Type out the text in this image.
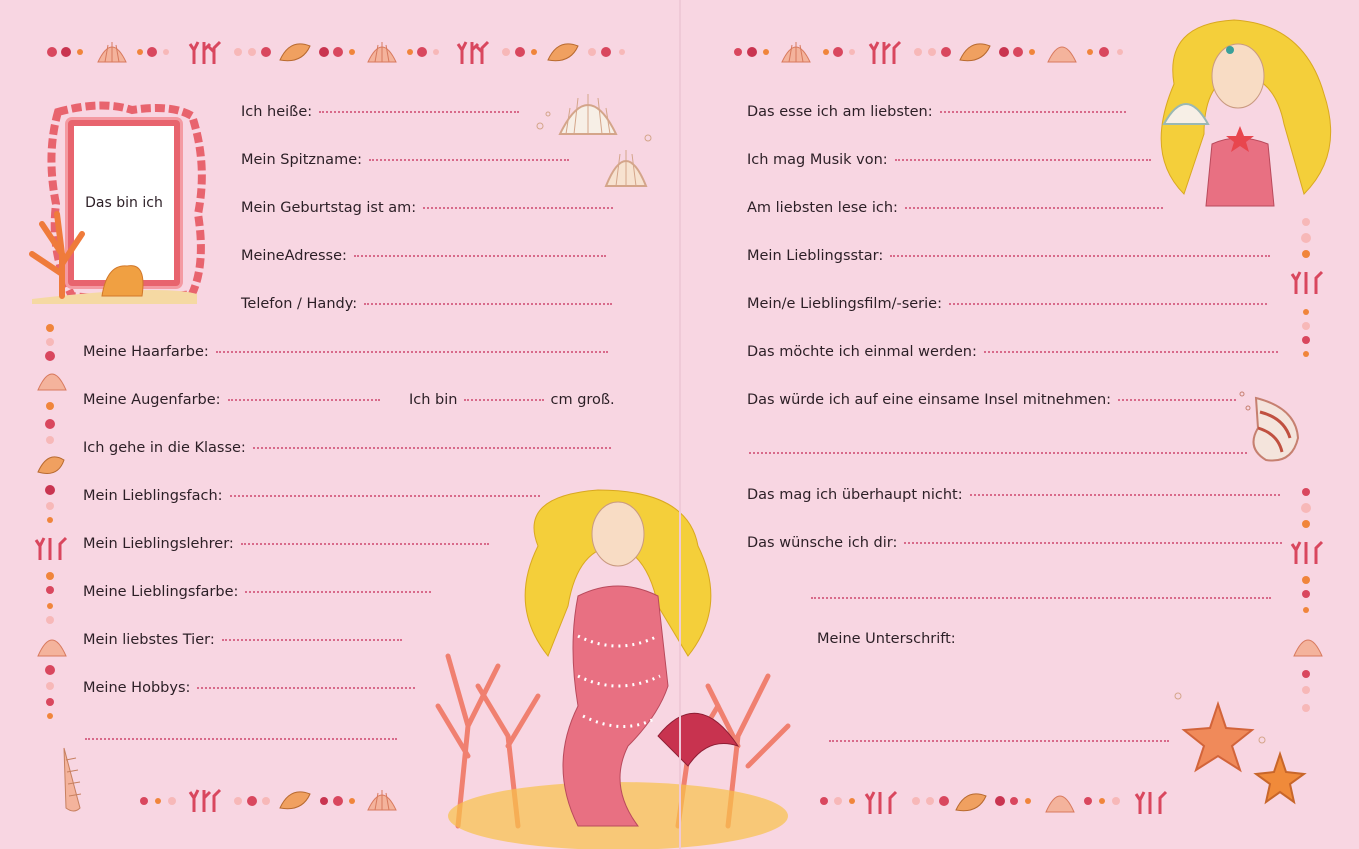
Das bin ich
Ich heiße:
Mein Spitzname:
Mein Geburtstag ist am:
MeineAdresse:
Telefon / Handy:
Meine Haarfarbe:
Meine Augenfarbe:	Ich bin	cm groß.
Ich gehe in die Klasse:
Mein Lieblingsfach:
Mein Lieblingslehrer:
Meine Lieblingsfarbe:
Mein liebstes Tier:
Meine Hobbys:
Das esse ich am liebsten:
Ich mag Musik von:
Am liebsten lese ich:
Mein Lieblingsstar:
Mein/e Lieblingsfilm/-serie:
Das möchte ich einmal werden:
Das würde ich auf eine einsame Insel mitnehmen:
Das mag ich überhaupt nicht:
Das wünsche ich dir:
Meine Unterschrift:
